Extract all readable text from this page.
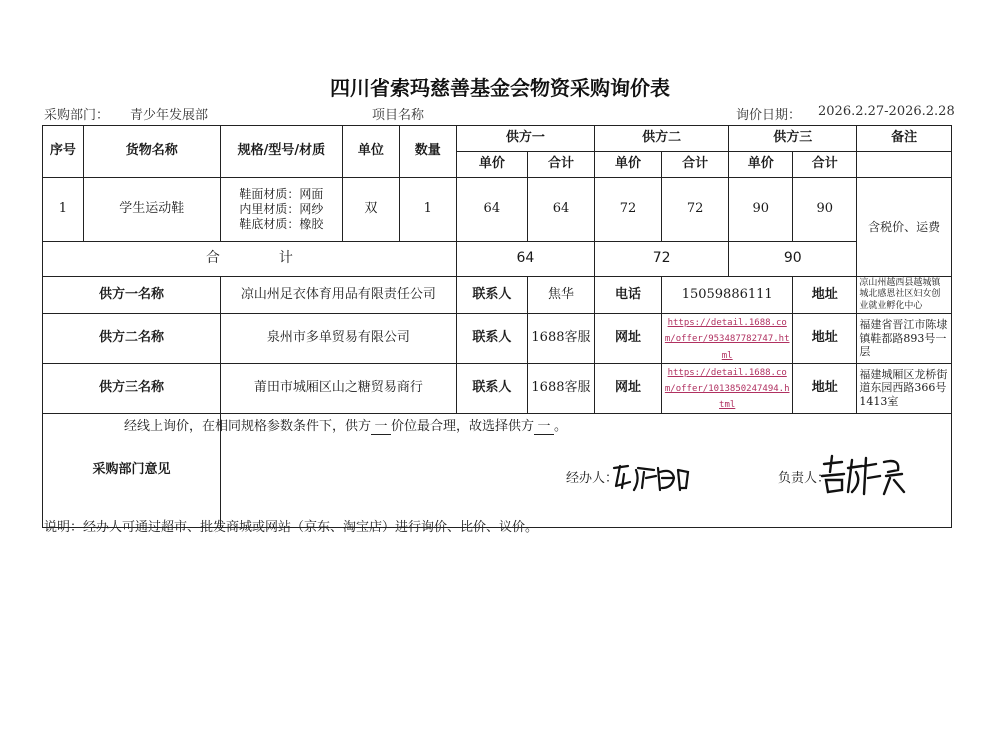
四川省索玛慈善基金会物资采购询价表
采购部门： 青少年发展部	项目名称	询价日期： 2026.2.27-2026.2.28
序号	货物名称	规格/型号/材质	单位	数量	供方一		供方二		供方三		备注
					单价	合计	单价	合计	单价	合计	
1	学生运动鞋	鞋面材质：网面
内里材质：网纱
鞋底材质：橡胶	双	1	64	64	72	72	90	90	含税价、运费
合 计					64		72		90		
供方一名称		凉山州足衣体育用品有限责任公司			联系人	焦华	电话	15059886111		地址	凉山州越西县越城镇城北感恩社区妇女创业就业孵化中心
供方二名称		泉州市多单贸易有限公司			联系人	1688客服	网址	https://detail.1688.com/offer/953487782747.html		地址	福建省晋江市陈埭镇鞋都路893号一层
供方三名称		莆田市城厢区山之糖贸易商行			联系人	1688客服	网址	https://detail.1688.com/offer/1013850247494.html		地址	福建城厢区龙桥街道东园西路366号1413室
采购部门意见											
经线上询价，在相同规格参数条件下，供方 一 价位最合理，故选择供方 一 。
经办人：	负责人：
说明：经办人可通过超市、批发商城或网站（京东、淘宝店）进行询价、比价、议价。
